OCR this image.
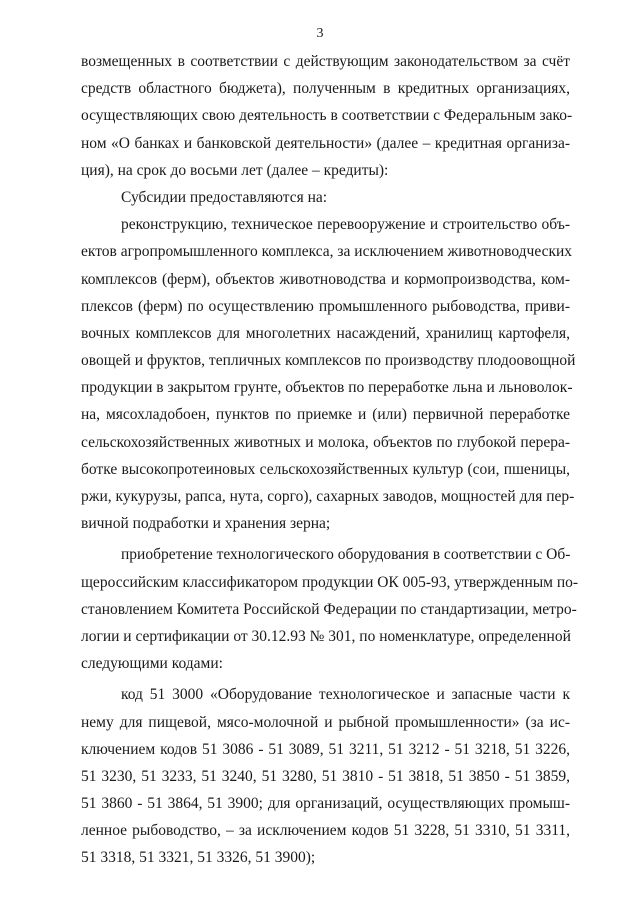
3
возмещенных в соответствии с действующим законодательством за счёт
средств областного бюджета), полученным в кредитных организациях,
осуществляющих свою деятельность в соответствии с Федеральным зако-
ном «О банках и банковской деятельности» (далее – кредитная организа-
ция), на срок до восьми лет (далее – кредиты):
Субсидии предоставляются на:
реконструкцию, техническое перевооружение и строительство объ-
ектов агропромышленного комплекса, за исключением животноводческих
комплексов (ферм), объектов животноводства и кормопроизводства, ком-
плексов (ферм) по осуществлению промышленного рыбоводства, приви-
вочных комплексов для многолетних насаждений, хранилищ картофеля,
овощей и фруктов, тепличных комплексов по производству плодоовощной
продукции в закрытом грунте, объектов по переработке льна и льноволок-
на, мясохладобоен, пунктов по приемке и (или) первичной переработке
сельскохозяйственных животных и молока, объектов по глубокой перера-
ботке высокопротеиновых сельскохозяйственных культур (сои, пшеницы,
ржи, кукурузы, рапса, нута, сорго), сахарных заводов, мощностей для пер-
вичной подработки и хранения зерна;
приобретение технологического оборудования в соответствии с Об-
щероссийским классификатором продукции ОК 005-93, утвержденным по-
становлением Комитета Российской Федерации по стандартизации, метро-
логии и сертификации от 30.12.93 № 301, по номенклатуре, определенной
следующими кодами:
код 51 3000 «Оборудование технологическое и запасные части к
нему для пищевой, мясо-молочной и рыбной промышленности» (за ис-
ключением кодов 51 3086 - 51 3089, 51 3211, 51 3212 - 51 3218, 51 3226,
51 3230, 51 3233, 51 3240, 51 3280, 51 3810 - 51 3818, 51 3850 - 51 3859,
51 3860 - 51 3864, 51 3900; для организаций, осуществляющих промыш-
ленное рыбоводство, – за исключением кодов 51 3228, 51 3310, 51 3311,
51 3318, 51 3321, 51 3326, 51 3900);
